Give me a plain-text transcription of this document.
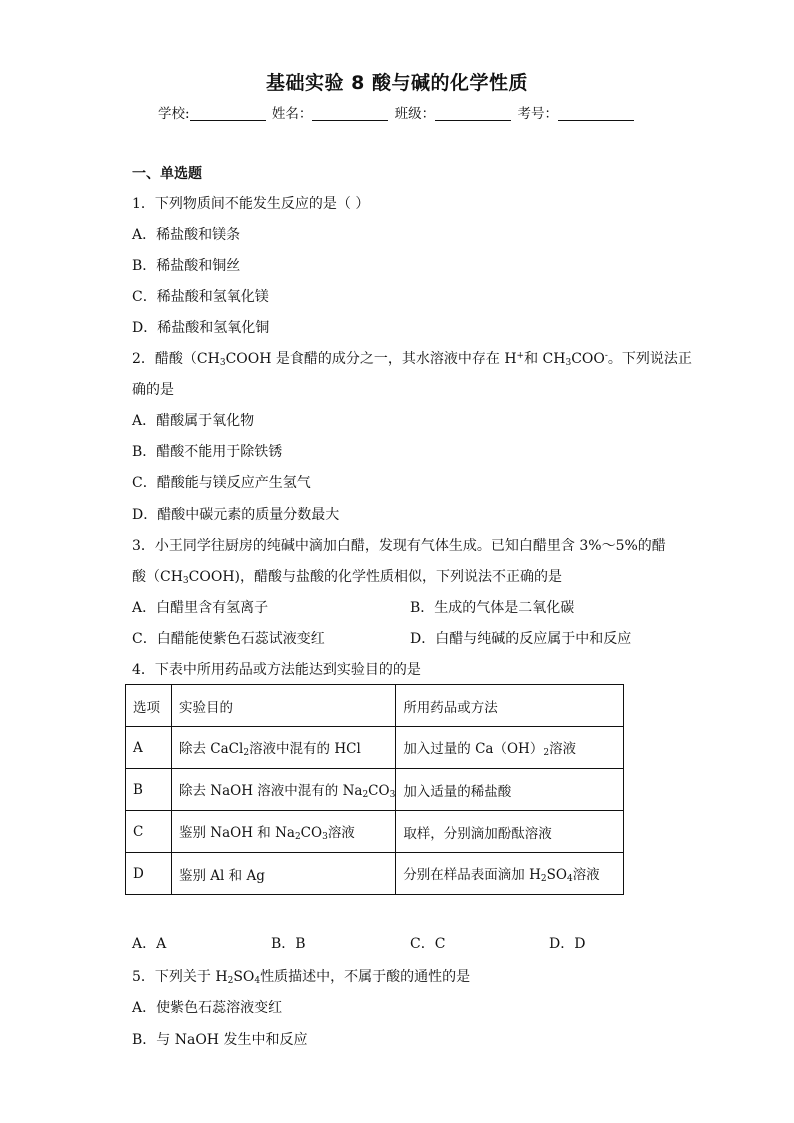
基础实验 8 酸与碱的化学性质
学校:	姓名：	班级：	考号：
一、单选题
1．下列物质间不能发生反应的是（ ）
A．稀盐酸和镁条
B．稀盐酸和铜丝
C．稀盐酸和氢氧化镁
D．稀盐酸和氢氧化铜
2．醋酸（$CH_3COOH$ 是食醋的成分之一，其水溶液中存在 H+和 $CH_3COO^-$。下列说法正
确的是
A．醋酸属于氧化物
B．醋酸不能用于除铁锈
C．醋酸能与镁反应产生氢气
D．醋酸中碳元素的质量分数最大
3．小王同学往厨房的纯碱中滴加白醋，发现有气体生成。已知白醋里含 3%～5%的醋
酸$(CH_3COOH)$，醋酸与盐酸的化学性质相似，下列说法不正确的是
A．白醋里含有氢离子	B．生成的气体是二氧化碳
C．白醋能使紫色石蕊试液变红	D．白醋与纯碱的反应属于中和反应
4．下表中所用药品或方法能达到实验目的的是
选项	实验目的	所用药品或方法
A	除去 CaCl$_2$溶液中混有的 HCl	加入过量的 $Ca(OH)_2$溶液
B	除去 NaOH 溶液中混有的 $Na_2CO_3$	加入适量的稀盐酸
C	鉴别 NaOH 和 $Na_2CO_3$溶液	取样，分别滴加酚酞溶液
D	鉴别 Al 和 Ag	分别在样品表面滴加 $H_2SO_4$溶液
A．A	B．B	C．C	D．D
5．下列关于 $H_2SO_4$性质描述中，不属于酸的通性的是
A．使紫色石蕊溶液变红
B．与 NaOH 发生中和反应
